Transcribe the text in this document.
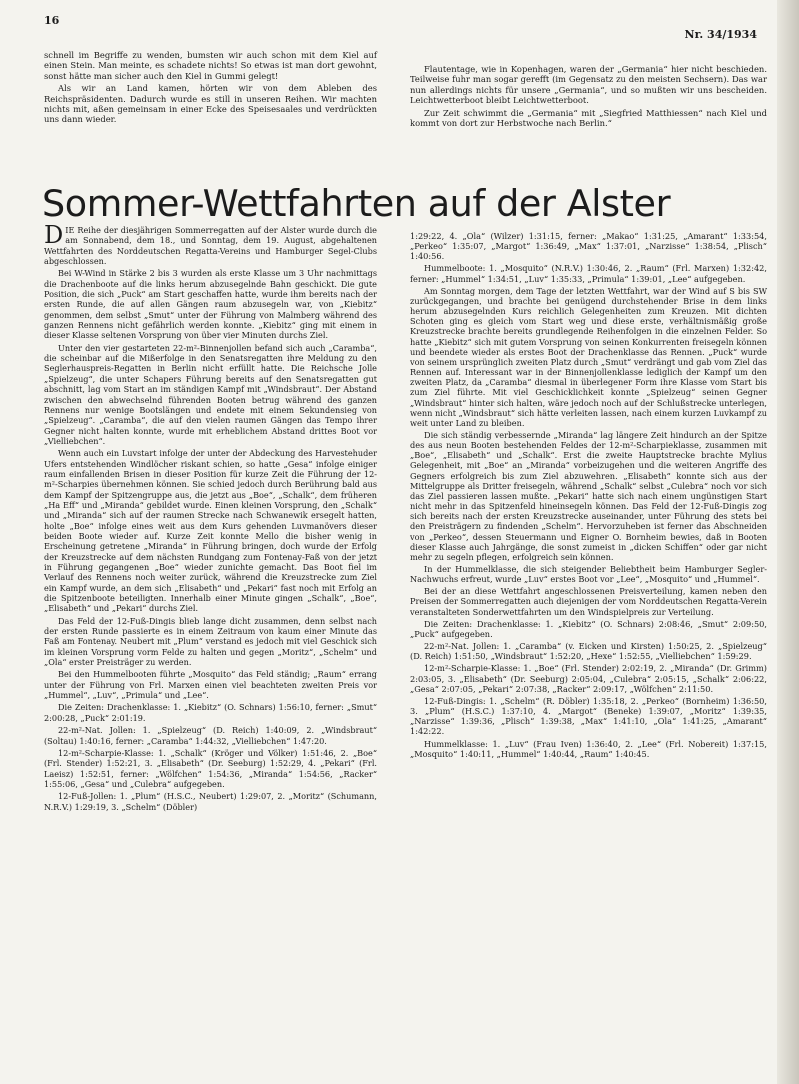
16
Nr. 34/1934

schnell im Begriffe zu wenden, bumsten wir auch schon mit dem Kiel auf einen Stein. Man meinte, es schadete nichts! So etwas ist man dort gewohnt, sonst hätte man sicher auch den Kiel in Gummi gelegt!

Als wir an Land kamen, hörten wir von dem Ableben des Reichspräsidenten. Dadurch wurde es still in unseren Reihen. Wir machten nichts mit, aßen gemeinsam in einer Ecke des Speisesaales und verdrückten uns dann wieder.

Flautentage, wie in Kopenhagen, waren der „Germania“ hier nicht beschieden. Teilweise fuhr man sogar gerefft (im Gegensatz zu den meisten Sechsern). Das war nun allerdings nichts für unsere „Germania“, und so mußten wir uns bescheiden. Leichtwetterboot bleibt Leichtwetterboot.

Zur Zeit schwimmt die „Germania“ mit „Siegfried Matthiessen“ nach Kiel und kommt von dort zur Herbstwoche nach Berlin.“

Sommer-Wettfahrten auf der Alster

DIE Reihe der diesjährigen Sommerregatten auf der Alster wurde durch die am Sonnabend, dem 18., und Sonntag, dem 19. August, abgehaltenen Wettfahrten des Norddeutschen Regatta-Vereins und Hamburger Segel-Clubs abgeschlossen.

Bei W-Wind in Stärke 2 bis 3 wurden als erste Klasse um 3 Uhr nachmittags die Drachenboote auf die links herum abzusegelnde Bahn geschickt. Die gute Position, die sich „Puck“ am Start geschaffen hatte, wurde ihm bereits nach der ersten Runde, die auf allen Gängen raum abzusegeln war, von „Kiebitz“ genommen, dem selbst „Smut“ unter der Führung von Malmberg während des ganzen Rennens nicht gefährlich werden konnte. „Kiebitz“ ging mit einem in dieser Klasse seltenen Vorsprung von über vier Minuten durchs Ziel.

Unter den vier gestarteten 22-m²-Binnenjollen befand sich auch „Caramba“, die scheinbar auf die Mißerfolge in den Senatsregatten ihre Meldung zu den Seglerhauspreis-Regatten in Berlin nicht erfüllt hatte. Die Reichsche Jolle „Spielzeug“, die unter Schapers Führung bereits auf den Senatsregatten gut abschnitt, lag vom Start an im ständigen Kampf mit „Windsbraut“. Der Abstand zwischen den abwechselnd führenden Booten betrug während des ganzen Rennens nur wenige Bootslängen und endete mit einem Sekundensieg von „Spielzeug“. „Caramba“, die auf den vielen raumen Gängen das Tempo ihrer Gegner nicht halten konnte, wurde mit erheblichem Abstand drittes Boot vor „Vielliebchen“.

Wenn auch ein Luvstart infolge der unter der Abdeckung des Harvestehuder Ufers entstehenden Windlöcher riskant schien, so hatte „Gesa“ infolge einiger raum einfallenden Brisen in dieser Position für kurze Zeit die Führung der 12-m²-Scharpies übernehmen können. Sie schied jedoch durch Berührung bald aus dem Kampf der Spitzengruppe aus, die jetzt aus „Boe“, „Schalk“, dem früheren „Ha Eff“ und „Miranda“ gebildet wurde. Einen kleinen Vorsprung, den „Schalk“ und „Miranda“ sich auf der raumen Strecke nach Schwanewik ersegelt hatten, holte „Boe“ infolge eines weit aus dem Kurs gehenden Luvmanövers dieser beiden Boote wieder auf. Kurze Zeit konnte Mello die bisher wenig in Erscheinung getretene „Miranda“ in Führung bringen, doch wurde der Erfolg der Kreuzstrecke auf dem nächsten Rundgang zum Fontenay-Faß von der jetzt in Führung gegangenen „Boe“ wieder zunichte gemacht. Das Boot fiel im Verlauf des Rennens noch weiter zurück, während die Kreuzstrecke zum Ziel ein Kampf wurde, an dem sich „Elisabeth“ und „Pekari“ fast noch mit Erfolg an die Spitzenboote beteiligten. Innerhalb einer Minute gingen „Schalk“, „Boe“, „Elisabeth“ und „Pekari“ durchs Ziel.

Das Feld der 12-Fuß-Dingis blieb lange dicht zusammen, denn selbst nach der ersten Runde passierte es in einem Zeitraum von kaum einer Minute das Faß am Fontenay. Neubert mit „Plum“ verstand es jedoch mit viel Geschick sich im kleinen Vorsprung vorm Felde zu halten und gegen „Moritz“, „Schelm“ und „Ola“ erster Preisträger zu werden.

Bei den Hummelbooten führte „Mosquito“ das Feld ständig; „Raum“ errang unter der Führung von Frl. Marxen einen viel beachteten zweiten Preis vor „Hummel“, „Luv“, „Primula“ und „Lee“.

Die Zeiten: Drachenklasse: 1. „Kiebitz“ (O. Schnars) 1:56:10, ferner: „Smut“ 2:00:28, „Puck“ 2:01:19.

22-m²-Nat. Jollen: 1. „Spielzeug“ (D. Reich) 1:40:09, 2. „Windsbraut“ (Soltau) 1:40:16, ferner: „Caramba“ 1:44:32, „Vielliebchen“ 1:47:20.

12-m²-Scharpie-Klasse: 1. „Schalk“ (Kröger und Völker) 1:51:46, 2. „Boe“ (Frl. Stender) 1:52:21, 3. „Elisabeth“ (Dr. Seeburg) 1:52:29, 4. „Pekari“ (Frl. Laeisz) 1:52:51, ferner: „Wölfchen“ 1:54:36, „Miranda“ 1:54:56, „Racker“ 1:55:06, „Gesa“ und „Culebra“ aufgegeben.

12-Fuß-Jollen: 1. „Plum“ (H.S.C., Neubert) 1:29:07, 2. „Moritz“ (Schumann, N.R.V.) 1:29:19, 3. „Schelm“ (Döbler)

1:29:22, 4. „Ola“ (Wilzer) 1:31:15, ferner: „Makao“ 1:31:25, „Amarant“ 1:33:54, „Perkeo“ 1:35:07, „Margot“ 1:36:49, „Max“ 1:37:01, „Narzisse“ 1:38:54, „Plisch“ 1:40:56.

Hummelboote: 1. „Mosquito“ (N.R.V.) 1:30:46, 2. „Raum“ (Frl. Marxen) 1:32:42, ferner: „Hummel“ 1:34:51, „Luv“ 1:35:33, „Primula“ 1:39:01, „Lee“ aufgegeben.

Am Sonntag morgen, dem Tage der letzten Wettfahrt, war der Wind auf S bis SW zurückgegangen, und brachte bei genügend durchstehender Brise in dem links herum abzusegelnden Kurs reichlich Gelegenheiten zum Kreuzen. Mit dichten Schoten ging es gleich vom Start weg und diese erste, verhältnismäßig große Kreuzstrecke brachte bereits grundlegende Reihenfolgen in die einzelnen Felder. So hatte „Kiebitz“ sich mit gutem Vorsprung von seinen Konkurrenten freisegeln können und beendete wieder als erstes Boot der Drachenklasse das Rennen. „Puck“ wurde von seinem ursprünglich zweiten Platz durch „Smut“ verdrängt und gab vom Ziel das Rennen auf. Interessant war in der Binnenjollenklasse lediglich der Kampf um den zweiten Platz, da „Caramba“ diesmal in überlegener Form ihre Klasse vom Start bis zum Ziel führte. Mit viel Geschicklichkeit konnte „Spielzeug“ seinen Gegner „Windsbraut“ hinter sich halten, wäre jedoch noch auf der Schlußstrecke unterlegen, wenn nicht „Windsbraut“ sich hätte verleiten lassen, nach einem kurzen Luvkampf zu weit unter Land zu bleiben.

Die sich ständig verbessernde „Miranda“ lag längere Zeit hindurch an der Spitze des aus neun Booten bestehenden Feldes der 12-m²-Scharpieklasse, zusammen mit „Boe“, „Elisabeth“ und „Schalk“. Erst die zweite Hauptstrecke brachte Mylius Gelegenheit, mit „Boe“ an „Miranda“ vorbeizugehen und die weiteren Angriffe des Gegners erfolgreich bis zum Ziel abzuwehren. „Elisabeth“ konnte sich aus der Mittelgruppe als Dritter freisegeln, während „Schalk“ selbst „Culebra“ noch vor sich das Ziel passieren lassen mußte. „Pekari“ hatte sich nach einem ungünstigen Start nicht mehr in das Spitzenfeld hineinsegeln können. Das Feld der 12-Fuß-Dingis zog sich bereits nach der ersten Kreuzstrecke auseinander, unter Führung des stets bei den Preisträgern zu findenden „Schelm“. Hervorzuheben ist ferner das Abschneiden von „Perkeo“, dessen Steuermann und Eigner O. Bornheim bewies, daß in Booten dieser Klasse auch Jahrgänge, die sonst zumeist in „dicken Schiffen“ oder gar nicht mehr zu segeln pflegen, erfolgreich sein können.

In der Hummelklasse, die sich steigender Beliebtheit beim Hamburger Segler-Nachwuchs erfreut, wurde „Luv“ erstes Boot vor „Lee“, „Mosquito“ und „Hummel“.

Bei der an diese Wettfahrt angeschlossenen Preisverteilung, kamen neben den Preisen der Sommerregatten auch diejenigen der vom Norddeutschen Regatta-Verein veranstalteten Sonderwettfahrten um den Windspielpreis zur Verteilung.

Die Zeiten: Drachenklasse: 1. „Kiebitz“ (O. Schnars) 2:08:46, „Smut“ 2:09:50, „Puck“ aufgegeben.

22-m²-Nat. Jollen: 1. „Caramba“ (v. Eicken und Kirsten) 1:50:25, 2. „Spielzeug“ (D. Reich) 1:51:50, „Windsbraut“ 1:52:20, „Hexe“ 1:52:55, „Vielliebchen“ 1:59:29.

12-m²-Scharpie-Klasse: 1. „Boe“ (Frl. Stender) 2:02:19, 2. „Miranda“ (Dr. Grimm) 2:03:05, 3. „Elisabeth“ (Dr. Seeburg) 2:05:04, „Culebra“ 2:05:15, „Schalk“ 2:06:22, „Gesa“ 2:07:05, „Pekari“ 2:07:38, „Racker“ 2:09:17, „Wölfchen“ 2:11:50.

12-Fuß-Dingis: 1. „Schelm“ (R. Döbler) 1:35:18, 2. „Perkeo“ (Bornheim) 1:36:50, 3. „Plum“ (H.S.C.) 1:37:10, 4. „Margot“ (Beneke) 1:39:07, „Moritz“ 1:39:35, „Narzisse“ 1:39:36, „Plisch“ 1:39:38, „Max“ 1:41:10, „Ola“ 1:41:25, „Amarant“ 1:42:22.

Hummelklasse: 1. „Luv“ (Frau Iven) 1:36:40, 2. „Lee“ (Frl. Nobereit) 1:37:15, „Mosquito“ 1:40:11, „Hummel“ 1:40:44, „Raum“ 1:40:45.
